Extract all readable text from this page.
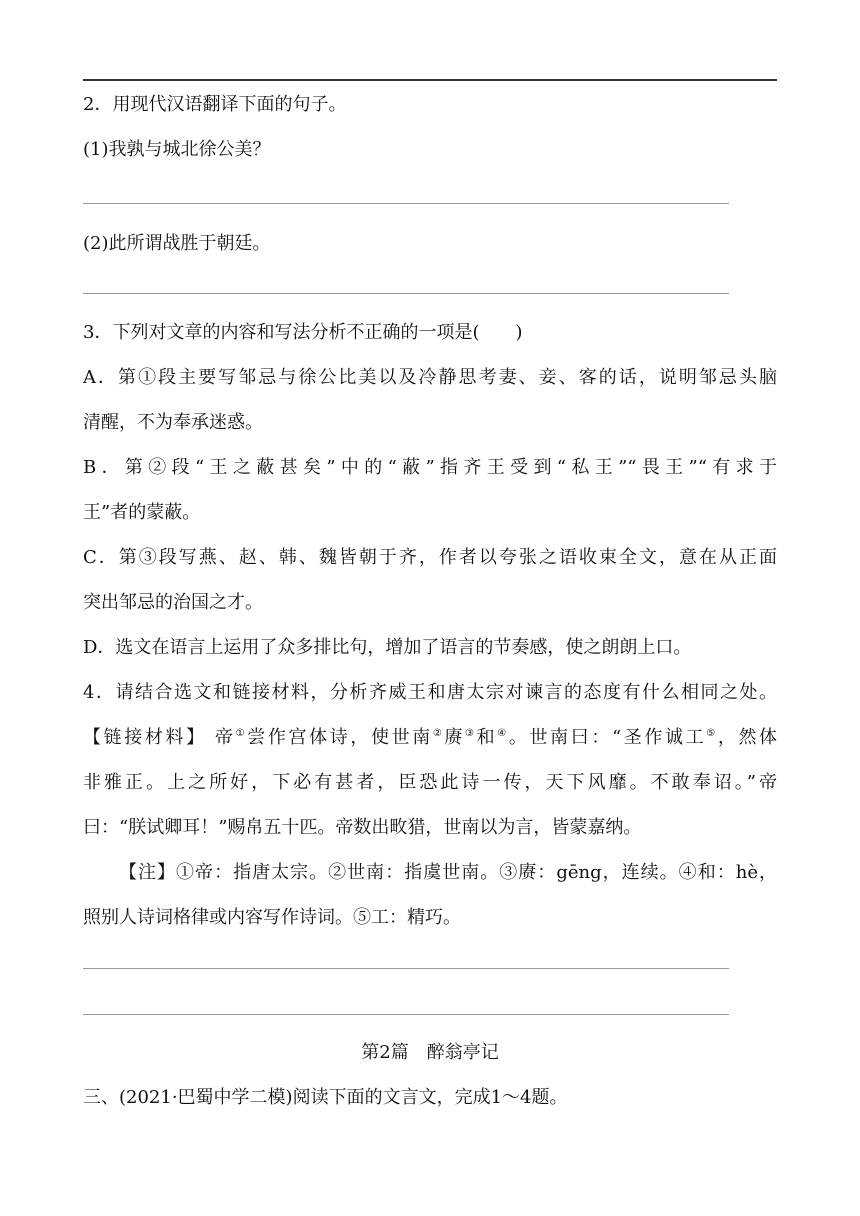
2．用现代汉语翻译下面的句子。
(1)我孰与城北徐公美？
(2)此所谓战胜于朝廷。
3．下列对文章的内容和写法分析不正确的一项是(　　)
A．第①段主要写邹忌与徐公比美以及冷静思考妻、妾、客的话，说明邹忌头脑
清醒，不为奉承迷惑。
B．第②段“王之蔽甚矣”中的“蔽”指齐王受到“私王”“畏王”“有求于
王”者的蒙蔽。
C．第③段写燕、赵、韩、魏皆朝于齐，作者以夸张之语收束全文，意在从正面
突出邹忌的治国之才。
D．选文在语言上运用了众多排比句，增加了语言的节奏感，使之朗朗上口。
4．请结合选文和链接材料，分析齐威王和唐太宗对谏言的态度有什么相同之处。
【链接材料】 帝①尝作宫体诗，使世南②赓③和④。世南曰：“圣作诚工⑤，然体
非雅正。上之所好，下必有甚者，臣恐此诗一传，天下风靡。不敢奉诏。”帝
曰：“朕试卿耳！”赐帛五十匹。帝数出畋猎，世南以为言，皆蒙嘉纳。
【注】①帝：指唐太宗。②世南：指虞世南。③赓：gēng，连续。④和：hè，
照别人诗词格律或内容写作诗词。⑤工：精巧。
第2篇　醉翁亭记
三、(2021·巴蜀中学二模)阅读下面的文言文，完成1～4题。
